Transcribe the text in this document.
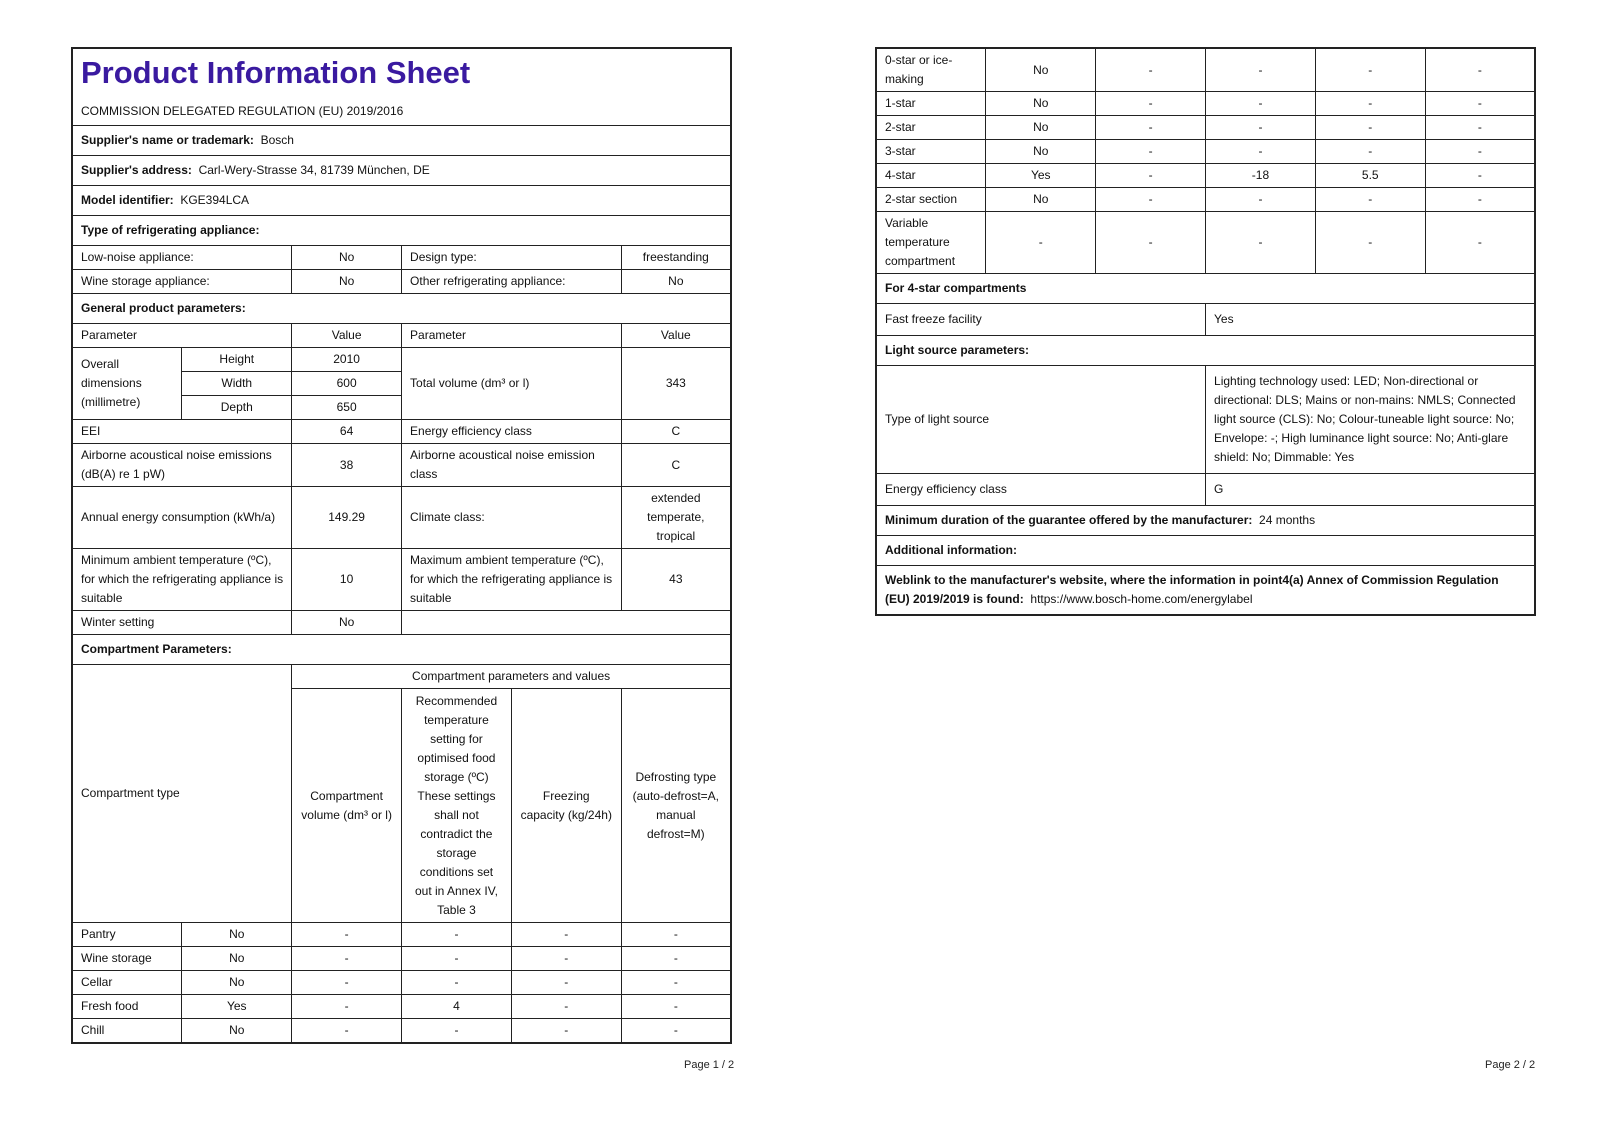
Product Information Sheet
COMMISSION DELEGATED REGULATION (EU) 2019/2016					

Supplier's name or trademark: Bosch					
Supplier's address: Carl-Wery-Strasse 34, 81739 München, DE					
Model identifier: KGE394LCA					
Type of refrigerating appliance:					
Low-noise appliance:		No	Design type:		freestanding
Wine storage appliance:		No	Other refrigerating appliance:		No
General product parameters:					
Parameter		Value	Parameter		Value
Overall dimensions (millimetre)	Height	2010	Total volume (dm³ or l)		343
	Width	600			
	Depth	650			
EEI		64	Energy efficiency class		C
Airborne acoustical noise emissions (dB(A) re 1 pW)		38	Airborne acoustical noise emission class		C
Annual energy consumption (kWh/a)		149.29	Climate class:		extended temperate, tropical
Minimum ambient temperature (ºC), for which the refrigerating appliance is suitable		10	Maximum ambient temperature (ºC), for which the refrigerating appliance is suitable		43
Winter setting		No			
Compartment Parameters:					
Compartment type		Compartment parameters and values			
		Compartment volume (dm³ or l)	Recommended temperature setting for optimised food storage (ºC) These settings shall not contradict the storage conditions set out in Annex IV, Table 3	Freezing capacity (kg/24h)	Defrosting type (auto-defrost=A, manual defrost=M)
Pantry	No	-	-	-	-
Wine storage	No	-	-	-	-
Cellar	No	-	-	-	-
Fresh food	Yes	-	4	-	-
Chill	No	-	-	-	-
Page 1 / 2
0-star or ice-making	No	-	-	-	-
1-star	No	-	-	-	-
2-star	No	-	-	-	-
3-star	No	-	-	-	-
4-star	Yes	-	-18	5.5	-
2-star section	No	-	-	-	-
Variable temperature compartment	-	-	-	-	-
For 4-star compartments					
Fast freeze facility			Yes		
Light source parameters:					
Type of light source			Lighting technology used: LED; Non-directional or directional: DLS; Mains or non-mains: NMLS; Connected light source (CLS): No; Colour-tuneable light source: No; Envelope: -; High luminance light source: No; Anti-glare shield: No; Dimmable: Yes		
Energy efficiency class			G		
Minimum duration of the guarantee offered by the manufacturer: 24 months					
Additional information:					
Weblink to the manufacturer's website, where the information in point4(a) Annex of Commission Regulation (EU) 2019/2019 is found: https://www.bosch-home.com/energylabel					
Page 2 / 2
